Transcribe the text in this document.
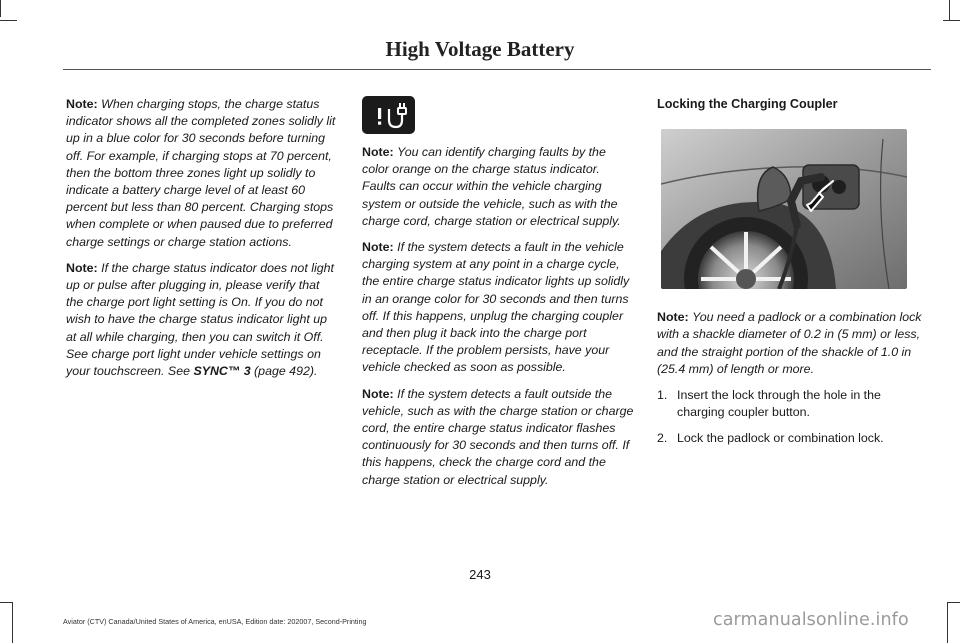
High Voltage Battery

Note: When charging stops, the charge status indicator shows all the completed zones solidly lit up in a blue color for 30 seconds before turning off. For example, if charging stops at 70 percent, then the bottom three zones light up solidly to indicate a battery charge level of at least 60 percent but less than 80 percent. Charging stops when complete or when paused due to preferred charge settings or charge station actions.

Note: If the charge status indicator does not light up or pulse after plugging in, please verify that the charge port light setting is On. If you do not wish to have the charge status indicator light up at all while charging, then you can switch it Off. See charge port light under vehicle settings on your touchscreen. See SYNC™ 3 (page 492).

Note: You can identify charging faults by the color orange on the charge status indicator. Faults can occur within the vehicle charging system or outside the vehicle, such as with the charge cord, charge station or electrical supply.

Note: If the system detects a fault in the vehicle charging system at any point in a charge cycle, the entire charge status indicator lights up solidly in an orange color for 30 seconds and then turns off. If this happens, unplug the charging coupler and then plug it back into the charge port receptacle. If the problem persists, have your vehicle checked as soon as possible.

Note: If the system detects a fault outside the vehicle, such as with the charge station or charge cord, the entire charge status indicator flashes continuously for 30 seconds and then turns off. If this happens, check the charge cord and the charge station or electrical supply.

Locking the Charging Coupler

Note: You need a padlock or a combination lock with a shackle diameter of 0.2 in (5 mm) or less, and the straight portion of the shackle of 1.0 in (25.4 mm) of length or more.

1. Insert the lock through the hole in the charging coupler button.
2. Lock the padlock or combination lock.
243
Aviator (CTV) Canada/United States of America, enUSA, Edition date: 202007, Second-Printing	carmanualsonline.info
